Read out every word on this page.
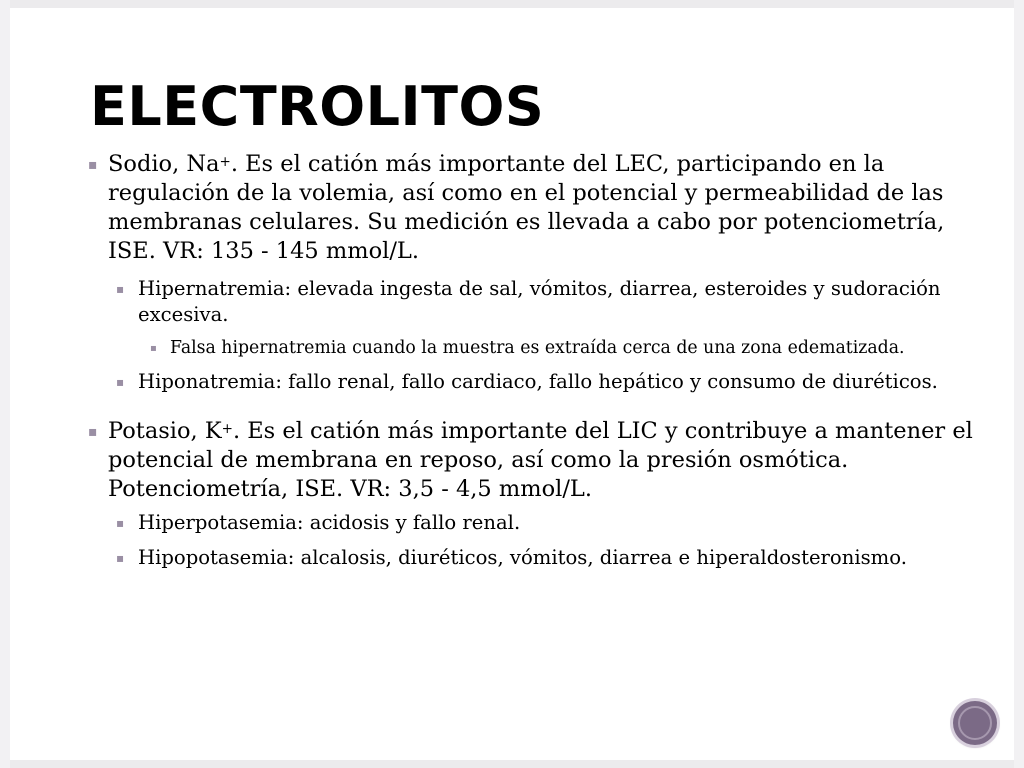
ELECTROLITOS
▪ Sodio, Na+. Es el catión más importante del LEC, participando en la regulación de la volemia, así como en el potencial y permeabilidad de las membranas celulares. Su medición es llevada a cabo por potenciometría, ISE. VR: 135 - 145 mmol/L.
▪ Hipernatremia: elevada ingesta de sal, vómitos, diarrea, esteroides y sudoración excesiva.
▪ Falsa hipernatremia cuando la muestra es extraída cerca de una zona edematizada.
▪ Hiponatremia: fallo renal, fallo cardiaco, fallo hepático y consumo de diuréticos.
▪ Potasio, K+. Es el catión más importante del LIC y contribuye a mantener el potencial de membrana en reposo, así como la presión osmótica. Potenciometría, ISE. VR: 3,5 - 4,5 mmol/L.
▪ Hiperpotasemia: acidosis y fallo renal.
▪ Hipopotasemia: alcalosis, diuréticos, vómitos, diarrea e hiperaldosteronismo.
